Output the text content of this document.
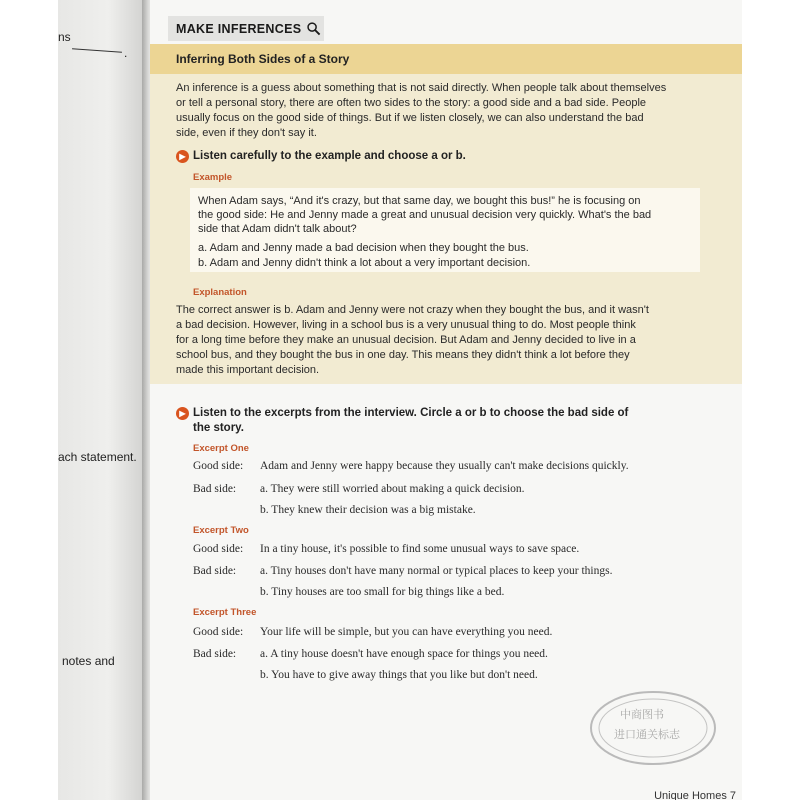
ns
.
ach statement.
notes and
MAKE INFERENCES
Inferring Both Sides of a Story
An inference is a guess about something that is not said directly. When people talk about themselves
or tell a personal story, there are often two sides to the story: a good side and a bad side. People
usually focus on the good side of things. But if we listen closely, we can also understand the bad
side, even if they don't say it.
▶ Listen carefully to the example and choose a or b.
Example
When Adam says, “And it's crazy, but that same day, we bought this bus!” he is focusing on
the good side: He and Jenny made a great and unusual decision very quickly. What's the bad
side that Adam didn't talk about?
a. Adam and Jenny made a bad decision when they bought the bus.
b. Adam and Jenny didn't think a lot about a very important decision.
Explanation
The correct answer is b. Adam and Jenny were not crazy when they bought the bus, and it wasn't
a bad decision. However, living in a school bus is a very unusual thing to do. Most people think
for a long time before they make an unusual decision. But Adam and Jenny decided to live in a
school bus, and they bought the bus in one day. This means they didn't think a lot before they
made this important decision.
▶ Listen to the excerpts from the interview. Circle a or b to choose the bad side of
the story.
Excerpt One
Good side: Adam and Jenny were happy because they usually can't make decisions quickly.
Bad side: a. They were still worried about making a quick decision.
b. They knew their decision was a big mistake.
Excerpt Two
Good side: In a tiny house, it's possible to find some unusual ways to save space.
Bad side: a. Tiny houses don't have many normal or typical places to keep your things.
b. Tiny houses are too small for big things like a bed.
Excerpt Three
Good side: Your life will be simple, but you can have everything you need.
Bad side: a. A tiny house doesn't have enough space for things you need.
b. You have to give away things that you like but don't need.
Unique Homes 7
中商图书
进口通关标志
